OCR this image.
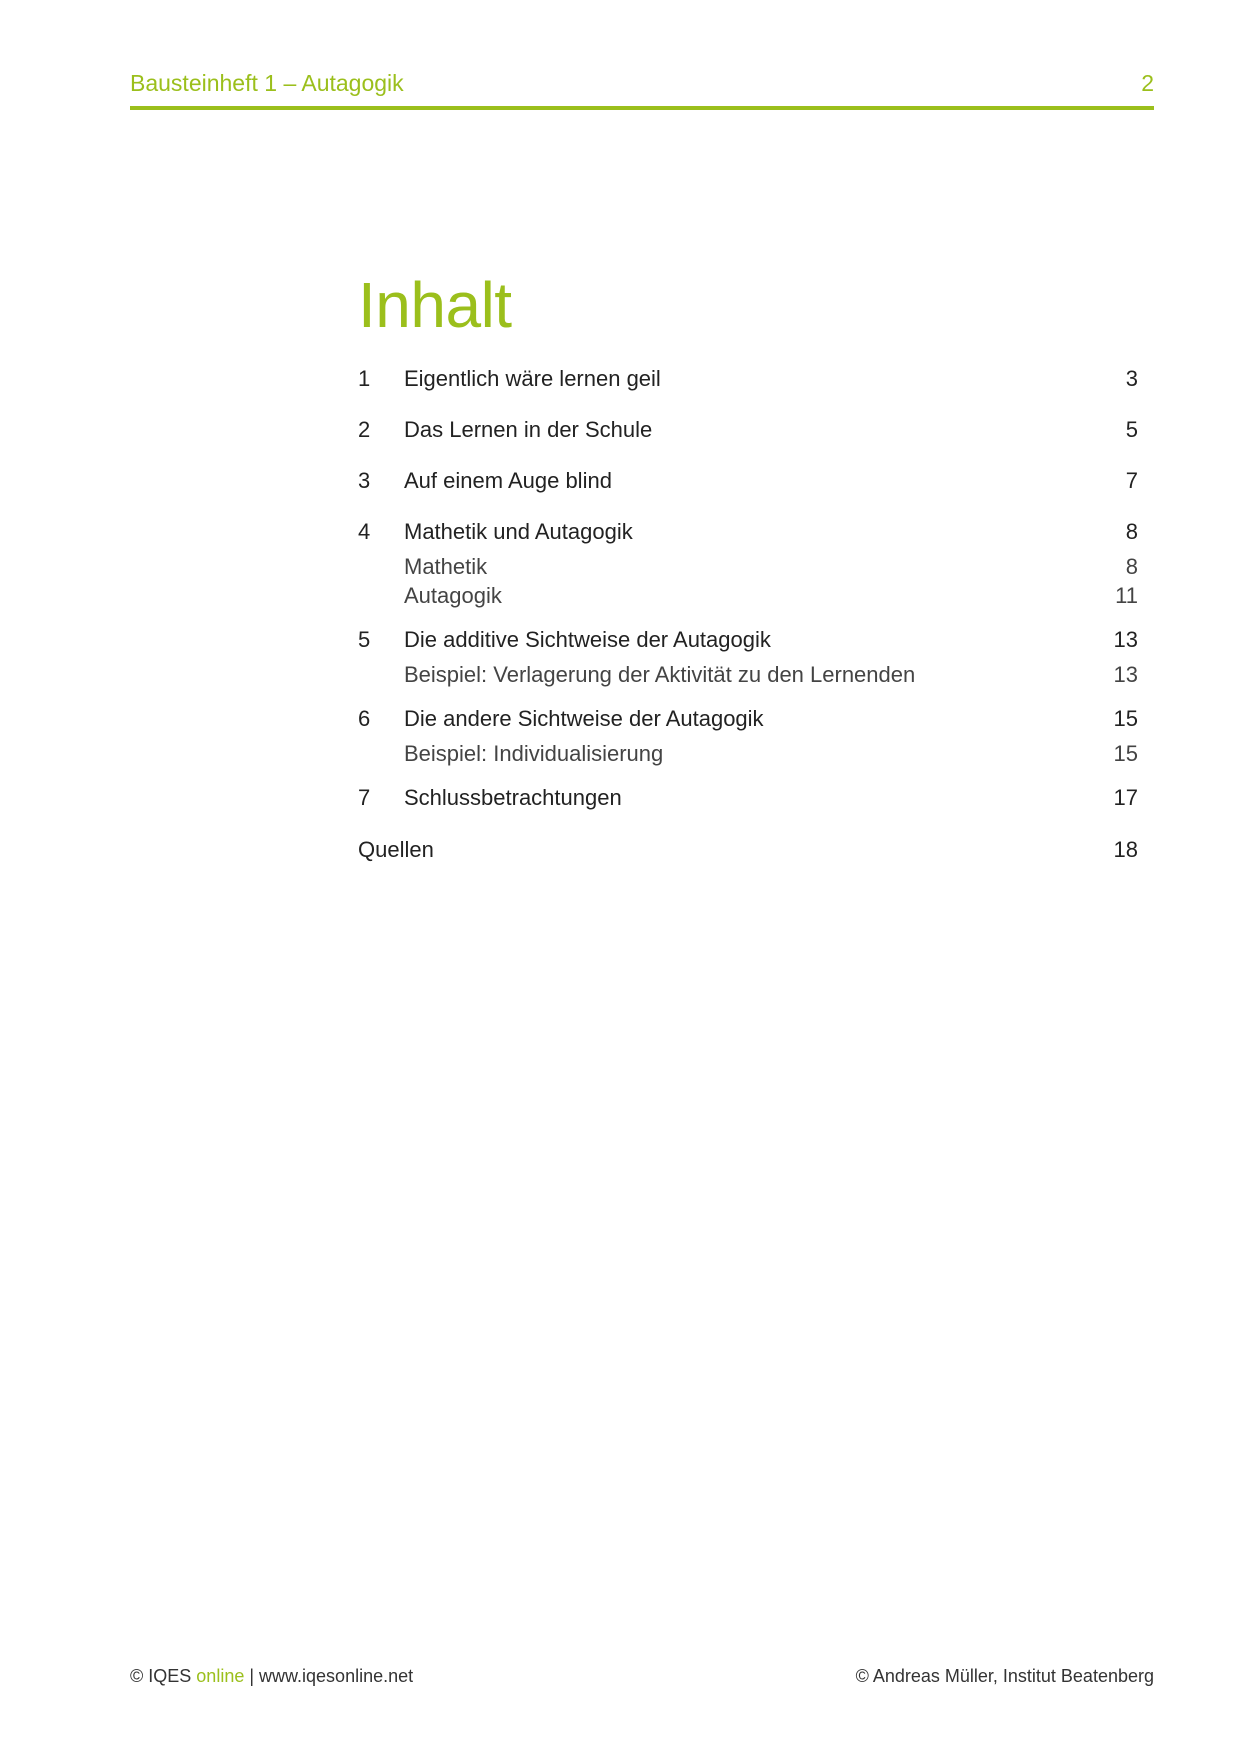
Bausteinheft 1 – Autagogik	2
Inhalt
1 Eigentlich wäre lernen geil	3
2 Das Lernen in der Schule	5
3 Auf einem Auge blind	7
4 Mathetik und Autagogik	8
Mathetik	8
Autagogik	11
5 Die additive Sichtweise der Autagogik	13
Beispiel: Verlagerung der Aktivität zu den Lernenden	13
6 Die andere Sichtweise der Autagogik	15
Beispiel: Individualisierung	15
7 Schlussbetrachtungen	17
Quellen	18
© IQES online | www.iqesonline.net	© Andreas Müller, Institut Beatenberg
